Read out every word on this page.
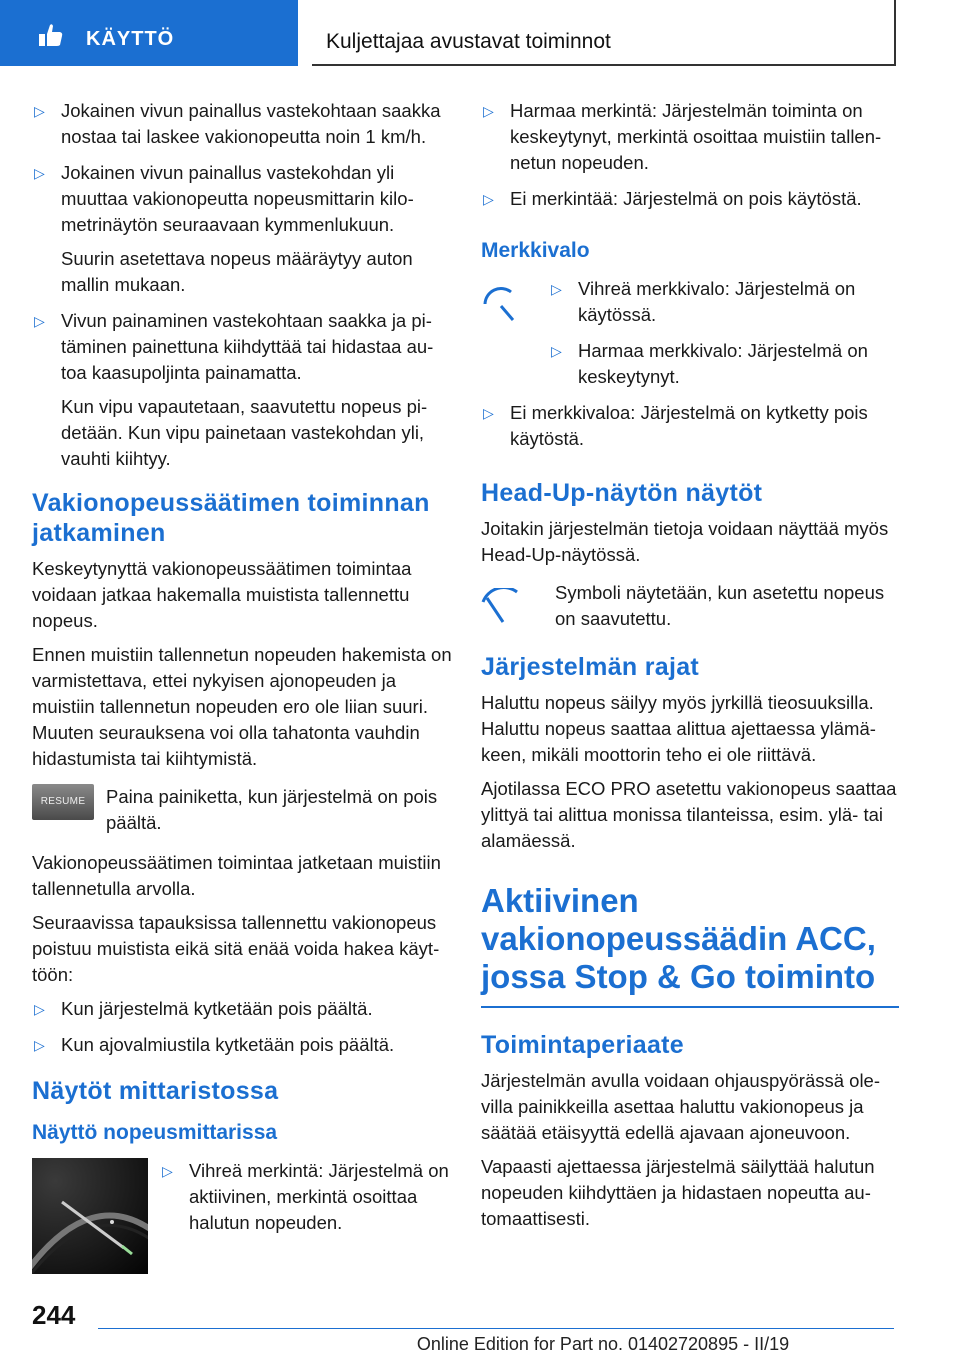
KÄYTTÖ	Kuljettajaa avustavat toiminnot
▷ Jokainen vivun painallus vastekohtaan saakka nostaa tai laskee vakionopeutta noin 1 km/h.

▷ Jokainen vivun painallus vastekohdan yli muuttaa vakionopeutta nopeusmittarin kilometrinäytön seuraavaan kymmenlukuun.

Suurin asetettava nopeus määräytyy auton mallin mukaan.

▷ Vivun painaminen vastekohtaan saakka ja pitäminen painettuna kiihdyttää tai hidastaa autoa kaasupoljinta painamatta.

Kun vipu vapautetaan, saavutettu nopeus pidetään. Kun vipu painetaan vastekohdan yli, vauhti kiihtyy.

Vakionopeussäätimen toiminnan jatkaminen

Keskeytynyttä vakionopeussäätimen toimintaa voidaan jatkaa hakemalla muistista tallennettu nopeus.

Ennen muistiin tallennetun nopeuden hakemista on varmistettava, ettei nykyisen ajonopeuden ja muistiin tallennetun nopeuden ero ole liian suuri. Muuten seurauksena voi olla tahatonta vauhdin hidastumista tai kiihtymistä.

RESUME	Paina painiketta, kun järjestelmä on pois päältä.

Vakionopeussäätimen toimintaa jatketaan muistiin tallennetulla arvolla.

Seuraavissa tapauksissa tallennettu vakionopeus poistuu muistista eikä sitä enää voida hakea käyttöön:

▷ Kun järjestelmä kytketään pois päältä.

▷ Kun ajovalmiustila kytketään pois päältä.

Näytöt mittaristossa
Näyttö nopeusmittarissa
▷ Vihreä merkintä: Järjestelmä on aktiivinen, merkintä osoittaa halutun nopeuden.

▷ Harmaa merkintä: Järjestelmän toiminta on keskeytynyt, merkintä osoittaa muistiin tallennetun nopeuden.

▷ Ei merkintää: Järjestelmä on pois käytöstä.

Merkkivalo
▷ Vihreä merkkivalo: Järjestelmä on käytössä.

▷ Harmaa merkkivalo: Järjestelmä on keskeytynyt.

▷ Ei merkkivaloa: Järjestelmä on kytketty pois käytöstä.

Head-Up-näytön näytöt

Joitakin järjestelmän tietoja voidaan näyttää myös Head-Up-näytössä.

Symboli näytetään, kun asetettu nopeus on saavutettu.

Järjestelmän rajat

Haluttu nopeus säilyy myös jyrkillä tieosuuksilla. Haluttu nopeus saattaa alittua ajettaessa ylämäkeen, mikäli moottorin teho ei ole riittävä.

Ajotilassa ECO PRO asetettu vakionopeus saattaa ylittyä tai alittua monissa tilanteissa, esim. ylä- tai alamäessä.

Aktiivinen vakionopeussäädin ACC, jossa Stop & Go toiminto
Toimintaperiaate

Järjestelmän avulla voidaan ohjauspyörässä olevilla painikkeilla asettaa haluttu vakionopeus ja säätää etäisyyttä edellä ajavaan ajoneuvoon.

Vapaasti ajettaessa järjestelmä säilyttää halutun nopeuden kiihdyttäen ja hidastaen nopeutta automaattisesti.

244
Online Edition for Part no. 01402720895 - II/19
